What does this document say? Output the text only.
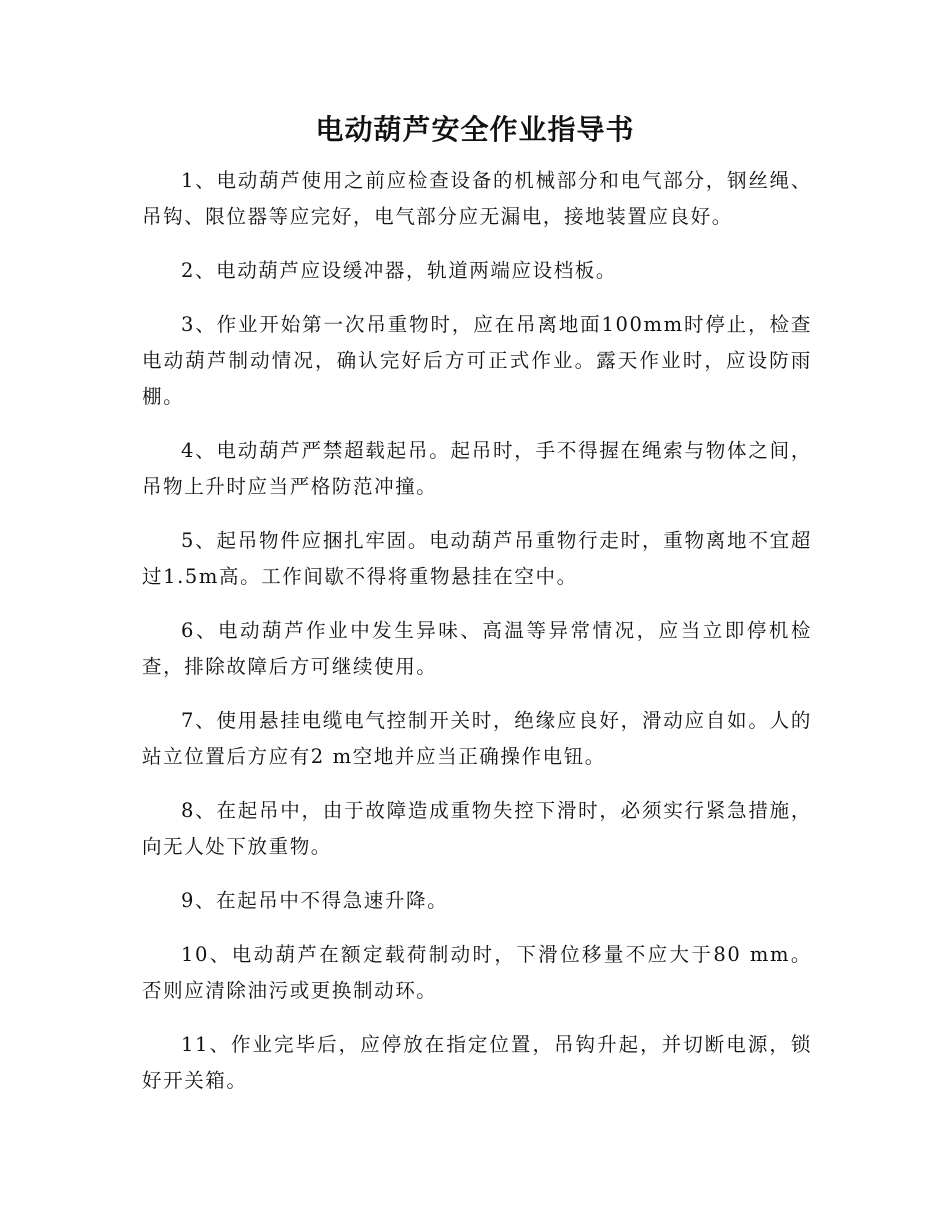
电动葫芦安全作业指导书

1、电动葫芦使用之前应检查设备的机械部分和电气部分，钢丝绳、吊钩、限位器等应完好，电气部分应无漏电，接地装置应良好。

2、电动葫芦应设缓冲器，轨道两端应设档板。

3、作业开始第一次吊重物时，应在吊离地面100mm时停止，检查电动葫芦制动情况，确认完好后方可正式作业。露天作业时，应设防雨棚。

4、电动葫芦严禁超载起吊。起吊时，手不得握在绳索与物体之间，吊物上升时应当严格防范冲撞。

5、起吊物件应捆扎牢固。电动葫芦吊重物行走时，重物离地不宜超过1.5m高。工作间歇不得将重物悬挂在空中。

6、电动葫芦作业中发生异味、高温等异常情况，应当立即停机检查，排除故障后方可继续使用。

7、使用悬挂电缆电气控制开关时，绝缘应良好，滑动应自如。人的站立位置后方应有2 m空地并应当正确操作电钮。

8、在起吊中，由于故障造成重物失控下滑时，必须实行紧急措施，向无人处下放重物。

9、在起吊中不得急速升降。

10、电动葫芦在额定载荷制动时，下滑位移量不应大于80 mm。否则应清除油污或更换制动环。

11、作业完毕后，应停放在指定位置，吊钩升起，并切断电源，锁好开关箱。
